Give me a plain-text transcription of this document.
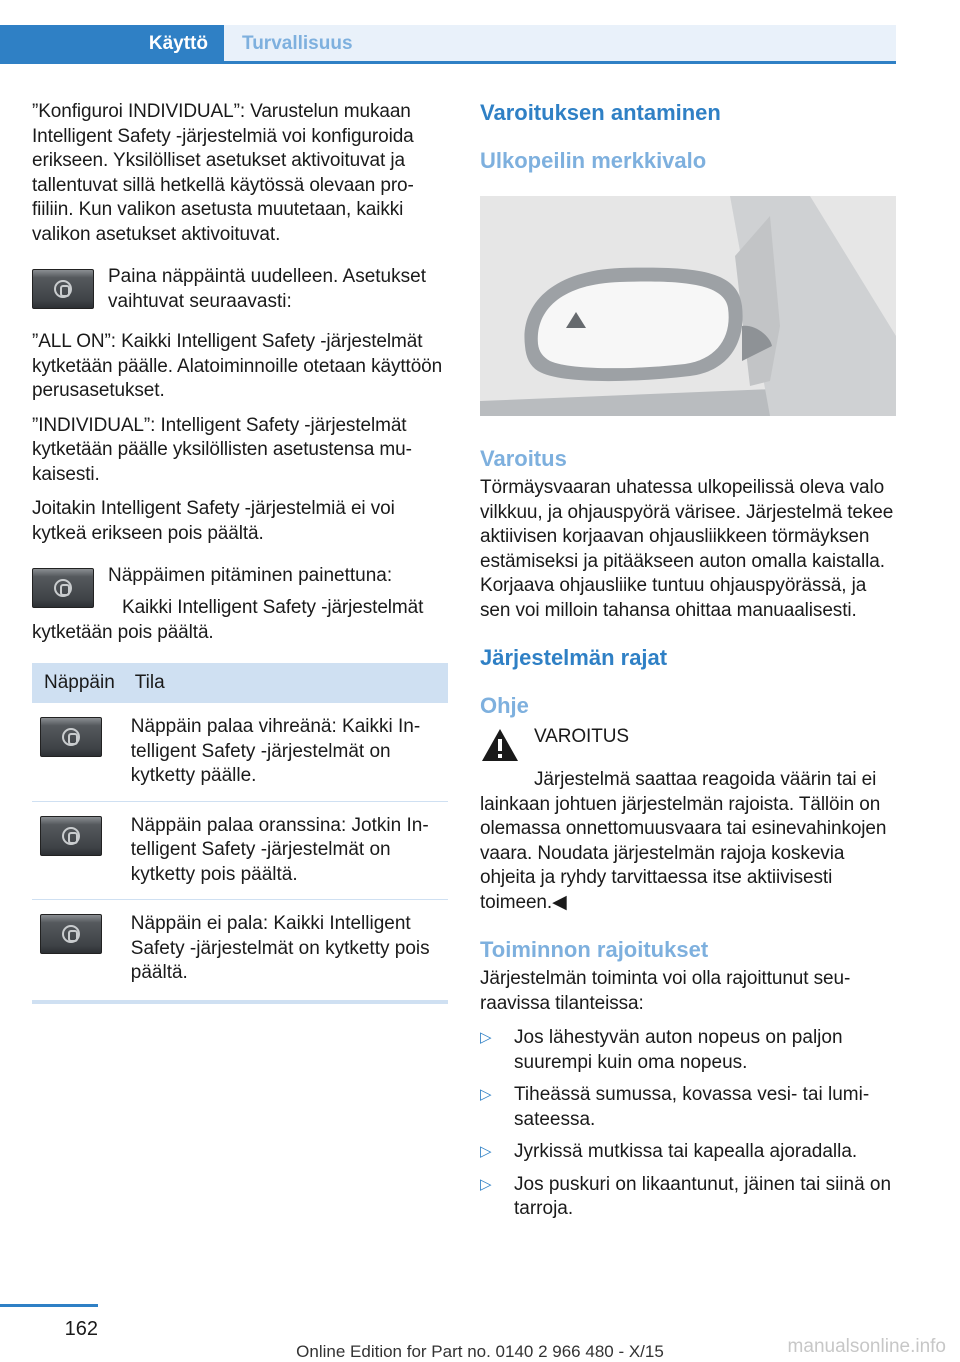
Käyttö	Turvallisuus

”Konfiguroi INDIVIDUAL”: Varustelun mukaan Intelligent Safety -järjestelmiä voi konfiguroida erikseen. Yksilölliset asetukset aktivoituvat ja tallentuvat sillä hetkellä käytössä olevaan profiiliin. Kun valikon asetusta muutetaan, kaikki valikon asetukset aktivoituvat.

Paina näppäintä uudelleen. Asetukset vaihtuvat seuraavasti:

”ALL ON”: Kaikki Intelligent Safety -järjestelmät kytketään päälle. Alatoiminnoille otetaan käyttöön perusasetukset.

”INDIVIDUAL”: Intelligent Safety -järjestelmät kytketään päälle yksilöllisten asetustensa mukaisesti.

Joitakin Intelligent Safety -järjestelmiä ei voi kytkeä erikseen pois päältä.

Näppäimen pitäminen painettuna:

Kaikki Intelligent Safety -järjestelmät kytketään pois päältä.

Näppäin	Tila

	Näppäin palaa vihreänä: Kaikki Intelligent Safety -järjestelmät on kytketty päälle.

	Näppäin palaa oranssina: Jotkin Intelligent Safety -järjestelmät on kytketty pois päältä.

	Näppäin ei pala: Kaikki Intelligent Safety -järjestelmät on kytketty pois päältä.
Varoituksen antaminen
Ulkopeilin merkkivalo
Varoitus

Törmäysvaaran uhatessa ulkopeilissä oleva valo vilkkuu, ja ohjauspyörä värisee. Järjestelmä tekee aktiivisen korjaavan ohjausliikkeen törmäyksen estämiseksi ja pitääkseen auton omalla kaistalla. Korjaava ohjausliike tuntuu ohjauspyörässä, ja sen voi milloin tahansa ohittaa manuaalisesti.

Järjestelmän rajat
Ohje

VAROITUS

Järjestelmä saattaa reagoida väärin tai ei lainkaan johtuen järjestelmän rajoista. Tällöin on olemassa onnettomuusvaara tai esinevahinkojen vaara. Noudata järjestelmän rajoja koskevia ohjeita ja ryhdy tarvittaessa itse aktiivisesti toimeen.◀

Toiminnon rajoitukset

Järjestelmän toiminta voi olla rajoittunut seuraavissa tilanteissa:

▷ Jos lähestyvän auton nopeus on paljon suurempi kuin oma nopeus.
▷ Tiheässä sumussa, kovassa vesi- tai lumisateessa.
▷ Jyrkissä mutkissa tai kapealla ajoradalla.
▷ Jos puskuri on likaantunut, jäinen tai siinä on tarroja.
162
Online Edition for Part no. 0140 2 966 480 - X/15	manualsonline.info
